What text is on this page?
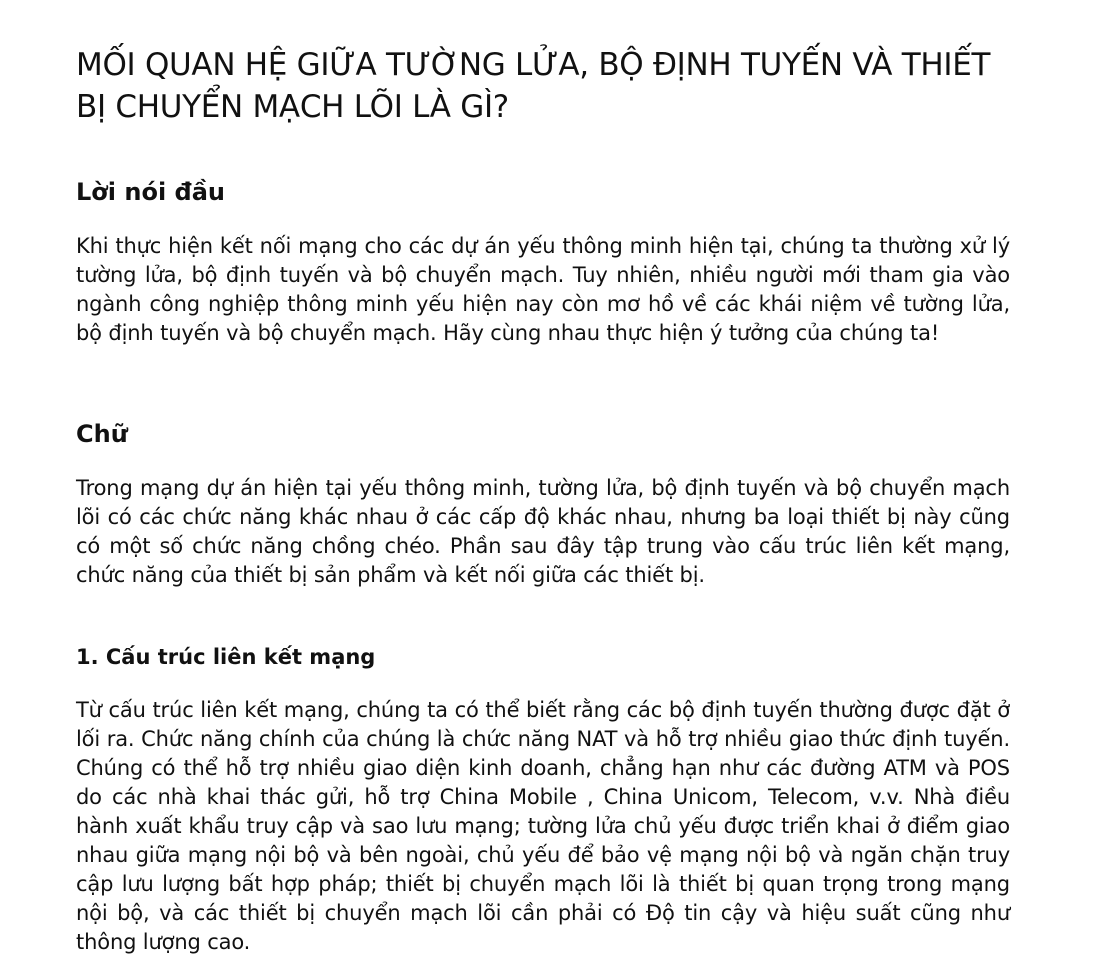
MỐI QUAN HỆ GIỮA TƯỜNG LỬA, BỘ ĐỊNH TUYẾN VÀ THIẾT BỊ CHUYỂN MẠCH LÕI LÀ GÌ?
Lời nói đầu

Khi thực hiện kết nối mạng cho các dự án yếu thông minh hiện tại, chúng ta thường xử lý tường lửa, bộ định tuyến và bộ chuyển mạch. Tuy nhiên, nhiều người mới tham gia vào ngành công nghiệp thông minh yếu hiện nay còn mơ hồ về các khái niệm về tường lửa, bộ định tuyến và bộ chuyển mạch. Hãy cùng nhau thực hiện ý tưởng của chúng ta!

Chữ

Trong mạng dự án hiện tại yếu thông minh, tường lửa, bộ định tuyến và bộ chuyển mạch lõi có các chức năng khác nhau ở các cấp độ khác nhau, nhưng ba loại thiết bị này cũng có một số chức năng chồng chéo. Phần sau đây tập trung vào cấu trúc liên kết mạng, chức năng của thiết bị sản phẩm và kết nối giữa các thiết bị.

1. Cấu trúc liên kết mạng

Từ cấu trúc liên kết mạng, chúng ta có thể biết rằng các bộ định tuyến thường được đặt ở lối ra. Chức năng chính của chúng là chức năng NAT và hỗ trợ nhiều giao thức định tuyến. Chúng có thể hỗ trợ nhiều giao diện kinh doanh, chẳng hạn như các đường ATM và POS do các nhà khai thác gửi, hỗ trợ China Mobile , China Unicom, Telecom, v.v. Nhà điều hành xuất khẩu truy cập và sao lưu mạng; tường lửa chủ yếu được triển khai ở điểm giao nhau giữa mạng nội bộ và bên ngoài, chủ yếu để bảo vệ mạng nội bộ và ngăn chặn truy cập lưu lượng bất hợp pháp; thiết bị chuyển mạch lõi là thiết bị quan trọng trong mạng nội bộ, và các thiết bị chuyển mạch lõi cần phải có Độ tin cậy và hiệu suất cũng như thông lượng cao.
